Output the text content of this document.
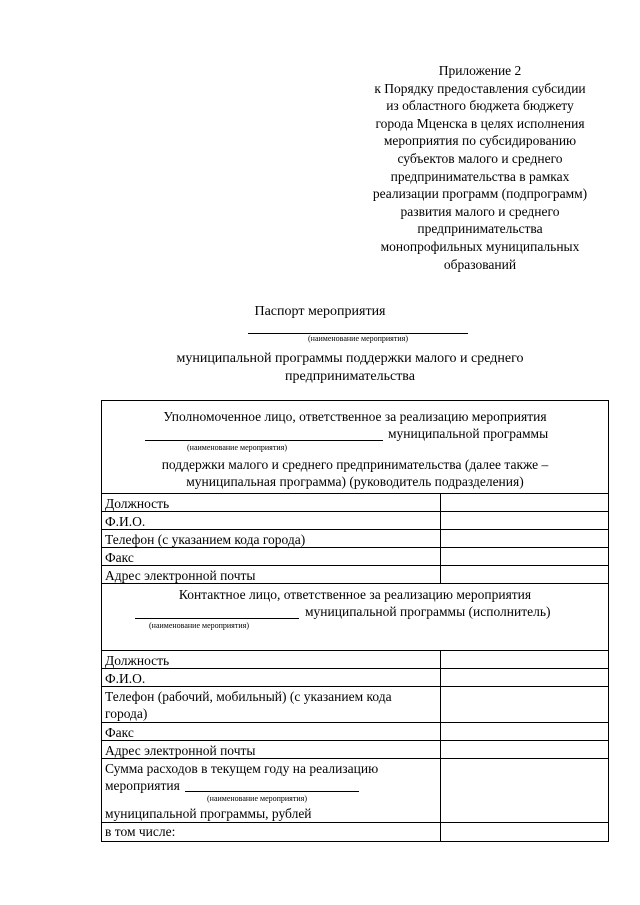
Приложение 2
к Порядку предоставления субсидии
из областного бюджета бюджету
города Мценска в целях исполнения
мероприятия по субсидированию
субъектов малого и среднего
предпринимательства в рамках
реализации программ (подпрограмм)
развития малого и среднего
предпринимательства
монопрофильных муниципальных
образований
Паспорт мероприятия
(наименование мероприятия)
муниципальной программы поддержки малого и среднего
предпринимательства
Уполномоченное лицо, ответственное за реализацию мероприятия
муниципальной программы
(наименование мероприятия)
поддержки малого и среднего предпринимательства (далее также –
муниципальная программа) (руководитель подразделения)
Должность
Ф.И.О.
Телефон (с указанием кода города)
Факс
Адрес электронной почты
Контактное лицо, ответственное за реализацию мероприятия
муниципальной программы (исполнитель)
(наименование мероприятия)
Должность
Ф.И.О.
Телефон (рабочий, мобильный) (с указанием кода
города)
Факс
Адрес электронной почты
Сумма расходов в текущем году на реализацию
мероприятия
(наименование мероприятия)
муниципальной программы, рублей
в том числе:
